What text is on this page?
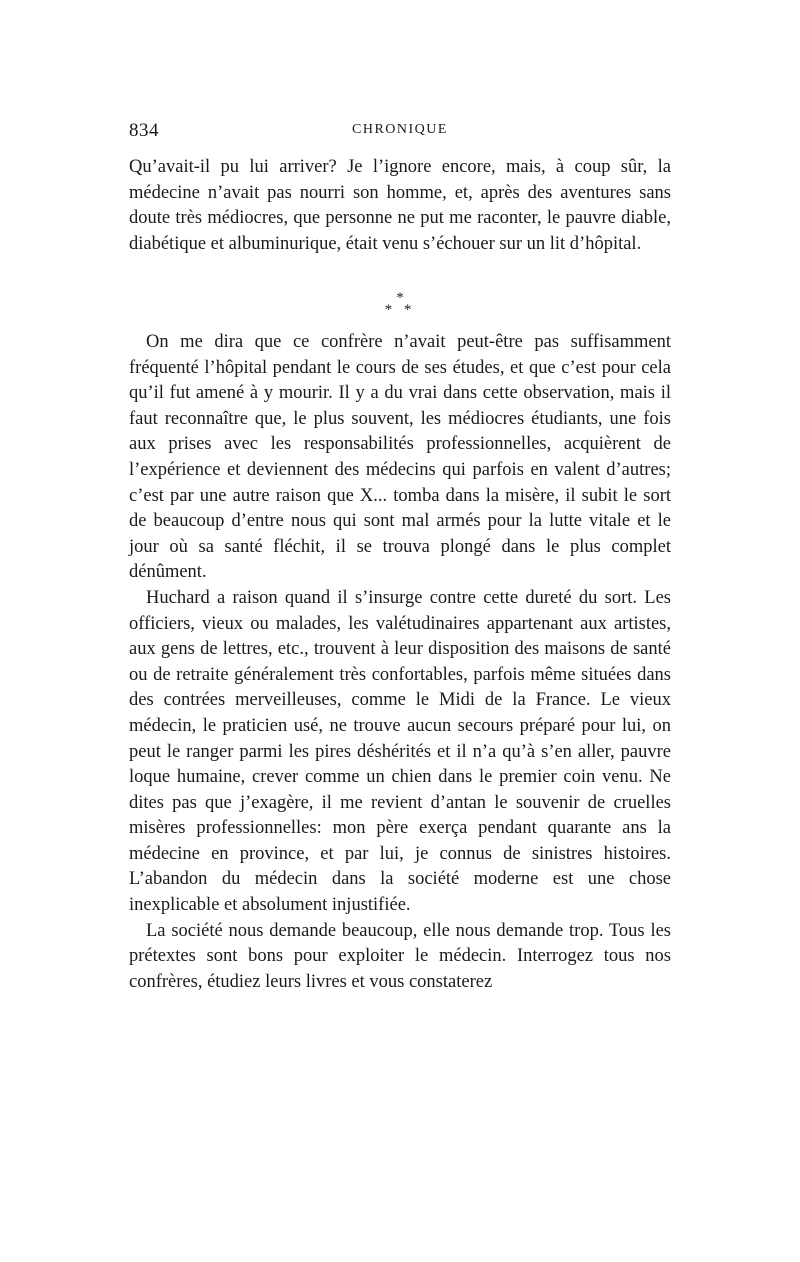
834	CHRONIQUE

Qu’avait-il pu lui arriver? Je l’ignore encore, mais, à coup sûr, la médecine n’avait pas nourri son homme, et, après des aventures sans doute très médiocres, que personne ne put me raconter, le pauvre diable, diabétique et albuminurique, était venu s’échouer sur un lit d’hôpital.

*
* *

On me dira que ce confrère n’avait peut-être pas suffisamment fréquenté l’hôpital pendant le cours de ses études, et que c’est pour cela qu’il fut amené à y mourir. Il y a du vrai dans cette observation, mais il faut reconnaître que, le plus souvent, les médiocres étudiants, une fois aux prises avec les responsabilités professionnelles, acquièrent de l’expérience et deviennent des médecins qui parfois en valent d’autres; c’est par une autre raison que X... tomba dans la misère, il subit le sort de beaucoup d’entre nous qui sont mal armés pour la lutte vitale et le jour où sa santé fléchit, il se trouva plongé dans le plus complet dénûment.

Huchard a raison quand il s’insurge contre cette dureté du sort. Les officiers, vieux ou malades, les valétudinaires appartenant aux artistes, aux gens de lettres, etc., trouvent à leur disposition des maisons de santé ou de retraite généralement très confortables, parfois même situées dans des contrées merveilleuses, comme le Midi de la France. Le vieux médecin, le praticien usé, ne trouve aucun secours préparé pour lui, on peut le ranger parmi les pires déshérités et il n’a qu’à s’en aller, pauvre loque humaine, crever comme un chien dans le premier coin venu. Ne dites pas que j’exagère, il me revient d’antan le souvenir de cruelles misères professionnelles: mon père exerça pendant quarante ans la médecine en province, et par lui, je connus de sinistres histoires. L’abandon du médecin dans la société moderne est une chose inexplicable et absolument injustifiée.

La société nous demande beaucoup, elle nous demande trop. Tous les prétextes sont bons pour exploiter le médecin. Interrogez tous nos confrères, étudiez leurs livres et vous constaterez
